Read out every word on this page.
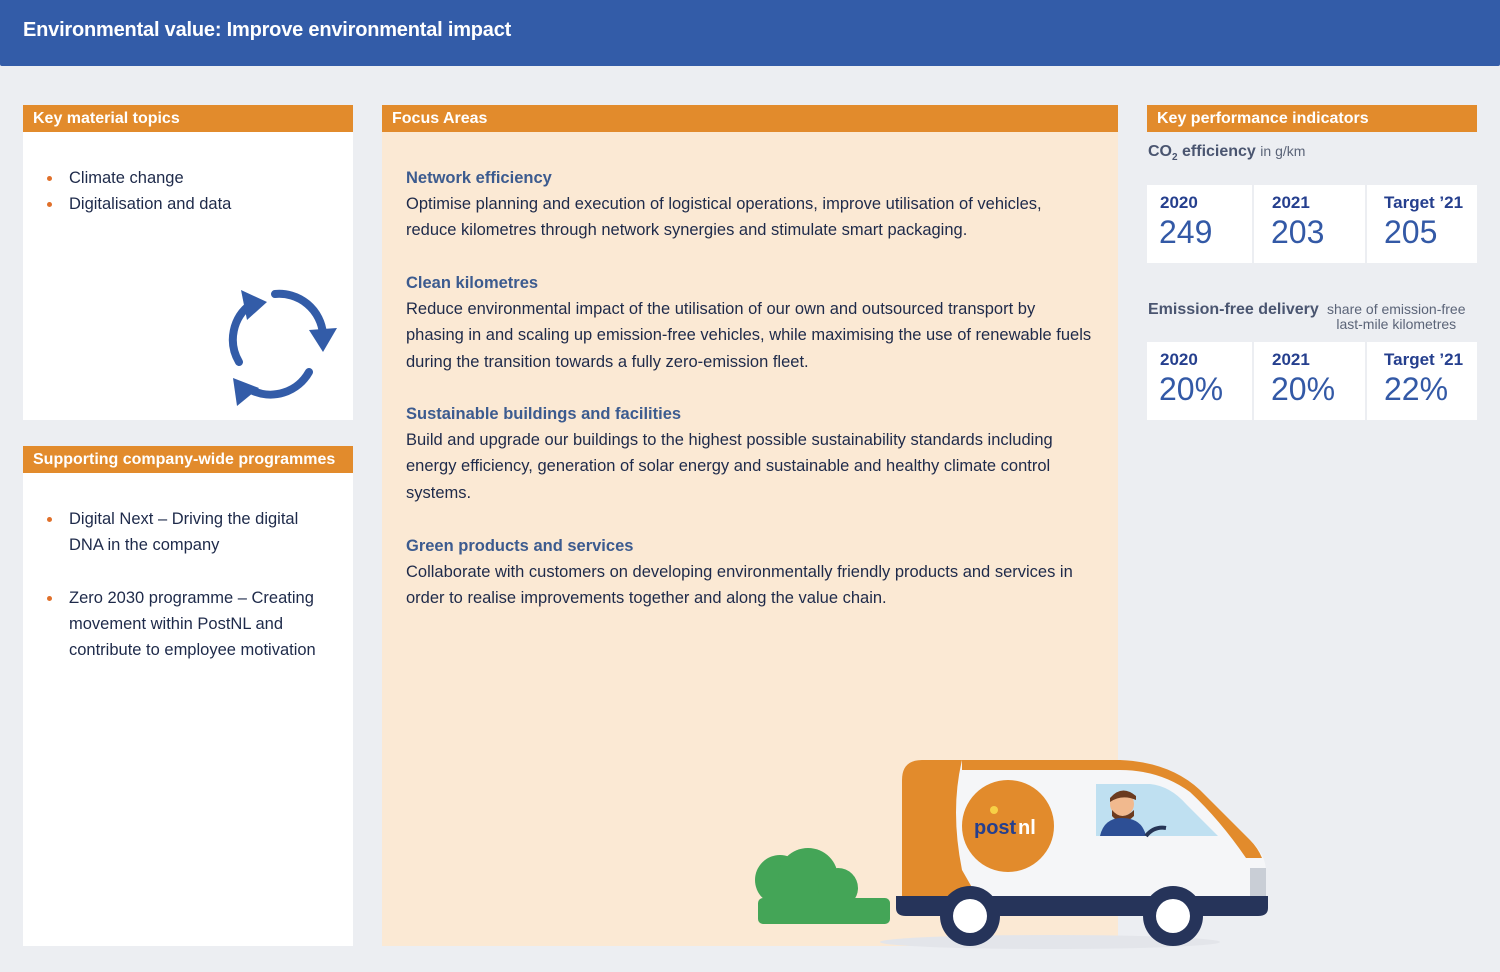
Environmental value: Improve environmental impact
Key material topics
Climate change
Digitalisation and data
Supporting company-wide programmes
Digital Next – Driving the digital DNA in the company
Zero 2030 programme – Creating movement within PostNL and contribute to employee motivation
Focus Areas
Network efficiency

Optimise planning and execution of logistical operations, improve utilisation of vehicles, reduce kilometres through network synergies and stimulate smart packaging.

Clean kilometres

Reduce environmental impact of the utilisation of our own and outsourced transport by phasing in and scaling up emission-free vehicles, while maximising the use of renewable fuels during the transition towards a fully zero-emission fleet.

Sustainable buildings and facilities

Build and upgrade our buildings to the highest possible sustainability standards including energy efficiency, generation of solar energy and sustainable and healthy climate control systems.

Green products and services

Collaborate with customers on developing environmentally friendly products and services in order to realise improvements together and along the value chain.

post nl
Key performance indicators
$CO_2$ efficiency in g/km
2020
249
2021
203
Target ’21
205
Emission-free delivery share of emission-free
last-mile kilometres
2020
20%
2021
20%
Target ’21
22%
